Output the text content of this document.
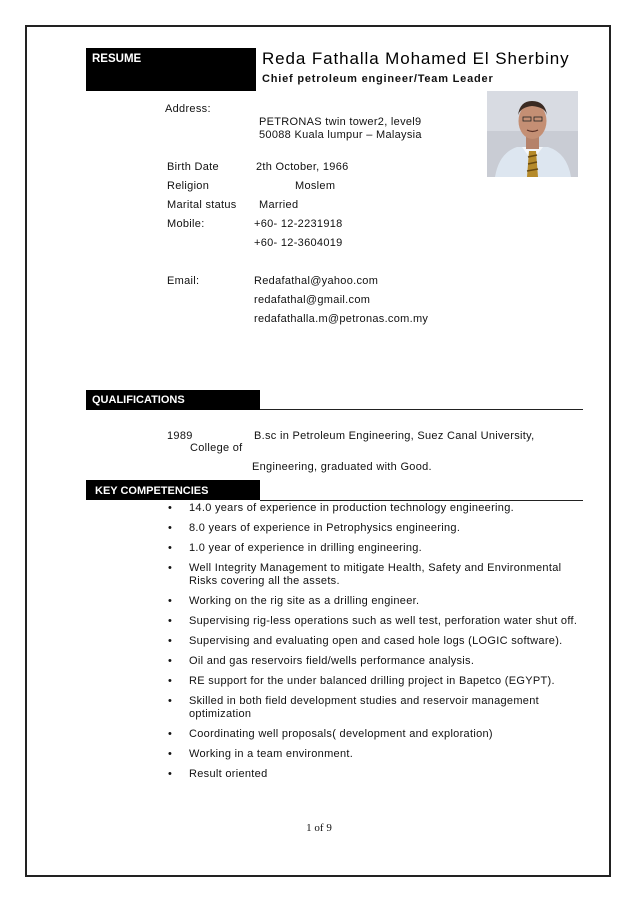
RESUME	Reda Fathalla Mohamed El Sherbiny
Chief petroleum engineer/Team Leader
Address:
PETRONAS twin tower2, level9
50088 Kuala lumpur – Malaysia
Birth Date	2th October, 1966
Religion	Moslem
Marital status Married
Mobile:	+60- 12-2231918
+60- 12-3604019
Email:	Redafathal@yahoo.com
redafathal@gmail.com
redafathalla.m@petronas.com.my
QUALIFICATIONS
1989	B.sc in Petroleum Engineering, Suez Canal University,
College of
Engineering, graduated with Good.
KEY COMPETENCIES
• 14.0 years of experience in production technology engineering.
• 8.0 years of experience in Petrophysics engineering.
• 1.0 year of experience in drilling engineering.
• Well Integrity Management to mitigate Health, Safety and Environmental Risks covering all the assets.
• Working on the rig site as a drilling engineer.
• Supervising rig-less operations such as well test, perforation water shut off.
• Supervising and evaluating open and cased hole logs (LOGIC software).
• Oil and gas reservoirs field/wells performance analysis.
• RE support for the under balanced drilling project in Bapetco (EGYPT).
• Skilled in both field development studies and reservoir management optimization
• Coordinating well proposals( development and exploration)
• Working in a team environment.
• Result oriented
1 of 9
